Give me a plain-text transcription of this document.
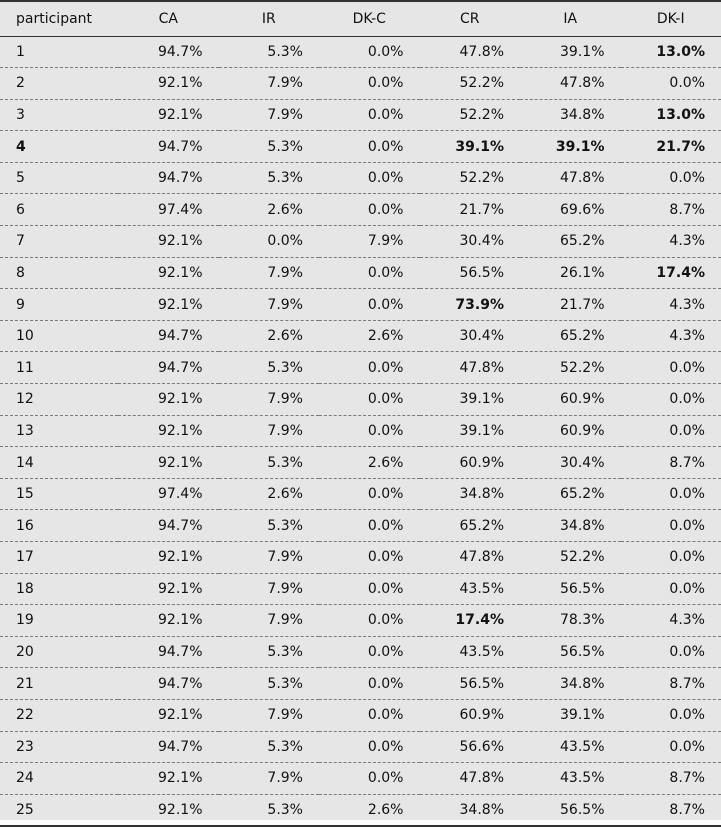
participant	CA	IR	DK-C	CR	IA	DK-I
1	94.7%	5.3%	0.0%	47.8%	39.1%	13.0%
2	92.1%	7.9%	0.0%	52.2%	47.8%	0.0%
3	92.1%	7.9%	0.0%	52.2%	34.8%	13.0%
4	94.7%	5.3%	0.0%	39.1%	39.1%	21.7%
5	94.7%	5.3%	0.0%	52.2%	47.8%	0.0%
6	97.4%	2.6%	0.0%	21.7%	69.6%	8.7%
7	92.1%	0.0%	7.9%	30.4%	65.2%	4.3%
8	92.1%	7.9%	0.0%	56.5%	26.1%	17.4%
9	92.1%	7.9%	0.0%	73.9%	21.7%	4.3%
10	94.7%	2.6%	2.6%	30.4%	65.2%	4.3%
11	94.7%	5.3%	0.0%	47.8%	52.2%	0.0%
12	92.1%	7.9%	0.0%	39.1%	60.9%	0.0%
13	92.1%	7.9%	0.0%	39.1%	60.9%	0.0%
14	92.1%	5.3%	2.6%	60.9%	30.4%	8.7%
15	97.4%	2.6%	0.0%	34.8%	65.2%	0.0%
16	94.7%	5.3%	0.0%	65.2%	34.8%	0.0%
17	92.1%	7.9%	0.0%	47.8%	52.2%	0.0%
18	92.1%	7.9%	0.0%	43.5%	56.5%	0.0%
19	92.1%	7.9%	0.0%	17.4%	78.3%	4.3%
20	94.7%	5.3%	0.0%	43.5%	56.5%	0.0%
21	94.7%	5.3%	0.0%	56.5%	34.8%	8.7%
22	92.1%	7.9%	0.0%	60.9%	39.1%	0.0%
23	94.7%	5.3%	0.0%	56.6%	43.5%	0.0%
24	92.1%	7.9%	0.0%	47.8%	43.5%	8.7%
25	92.1%	5.3%	2.6%	34.8%	56.5%	8.7%
